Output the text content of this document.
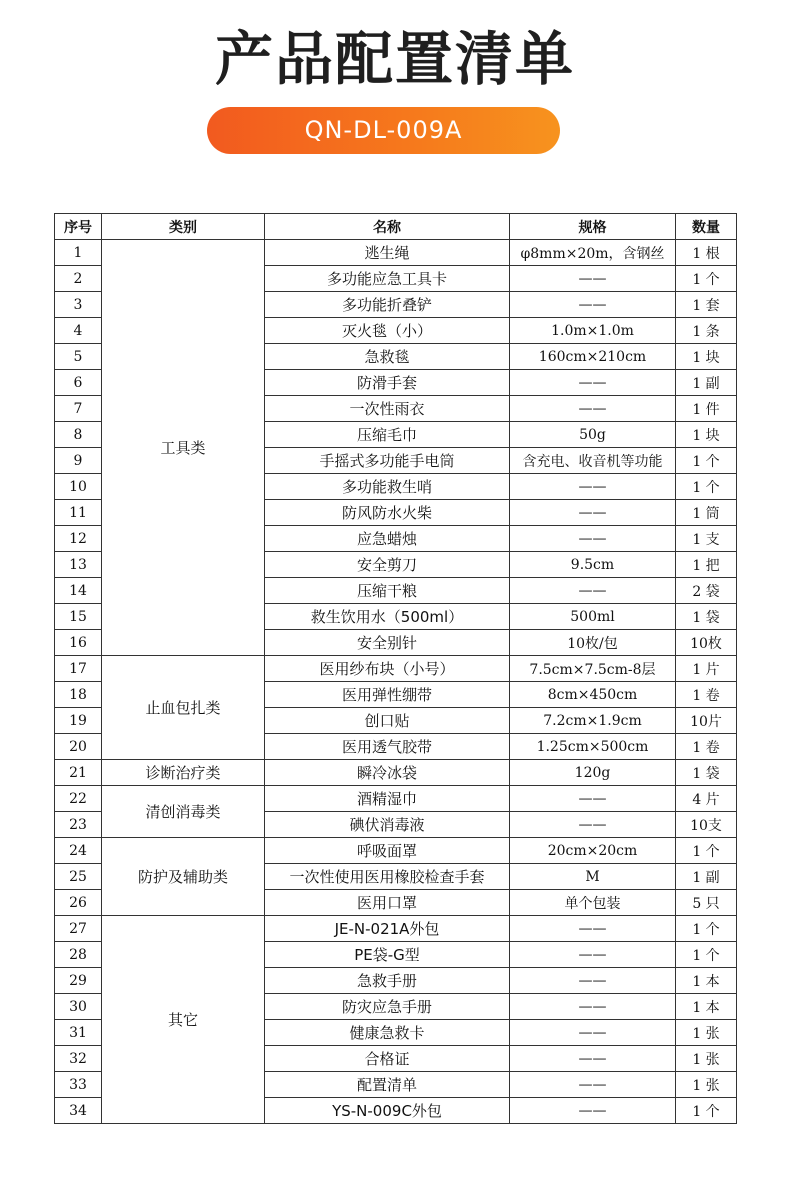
产品配置清单
QN-DL-009A
序号	类别	名称	规格	数量
1	工具类	逃生绳	φ8mm×20m，含钢丝	1 根
2		多功能应急工具卡	——	1 个
3		多功能折叠铲	——	1 套
4		灭火毯（小）	1.0m×1.0m	1 条
5		急救毯	160cm×210cm	1 块
6		防滑手套	——	1 副
7		一次性雨衣	——	1 件
8		压缩毛巾	50g	1 块
9		手摇式多功能手电筒	含充电、收音机等功能	1 个
10		多功能救生哨	——	1 个
11		防风防水火柴	——	1 筒
12		应急蜡烛	——	1 支
13		安全剪刀	9.5cm	1 把
14		压缩干粮	——	2 袋
15		救生饮用水（500ml）	500ml	1 袋
16		安全别针	10枚/包	10枚
17	止血包扎类	医用纱布块（小号）	7.5cm×7.5cm-8层	1 片
18		医用弹性绷带	8cm×450cm	1 卷
19		创口贴	7.2cm×1.9cm	10片
20		医用透气胶带	1.25cm×500cm	1 卷
21	诊断治疗类	瞬冷冰袋	120g	1 袋
22	清创消毒类	酒精湿巾	——	4 片
23		碘伏消毒液	——	10支
24	防护及辅助类	呼吸面罩	20cm×20cm	1 个
25		一次性使用医用橡胶检查手套	M	1 副
26		医用口罩	单个包装	5 只
27	其它	JE-N-021A外包	——	1 个
28		PE袋-G型	——	1 个
29		急救手册	——	1 本
30		防灾应急手册	——	1 本
31		健康急救卡	——	1 张
32		合格证	——	1 张
33		配置清单	——	1 张
34		YS-N-009C外包	——	1 个
